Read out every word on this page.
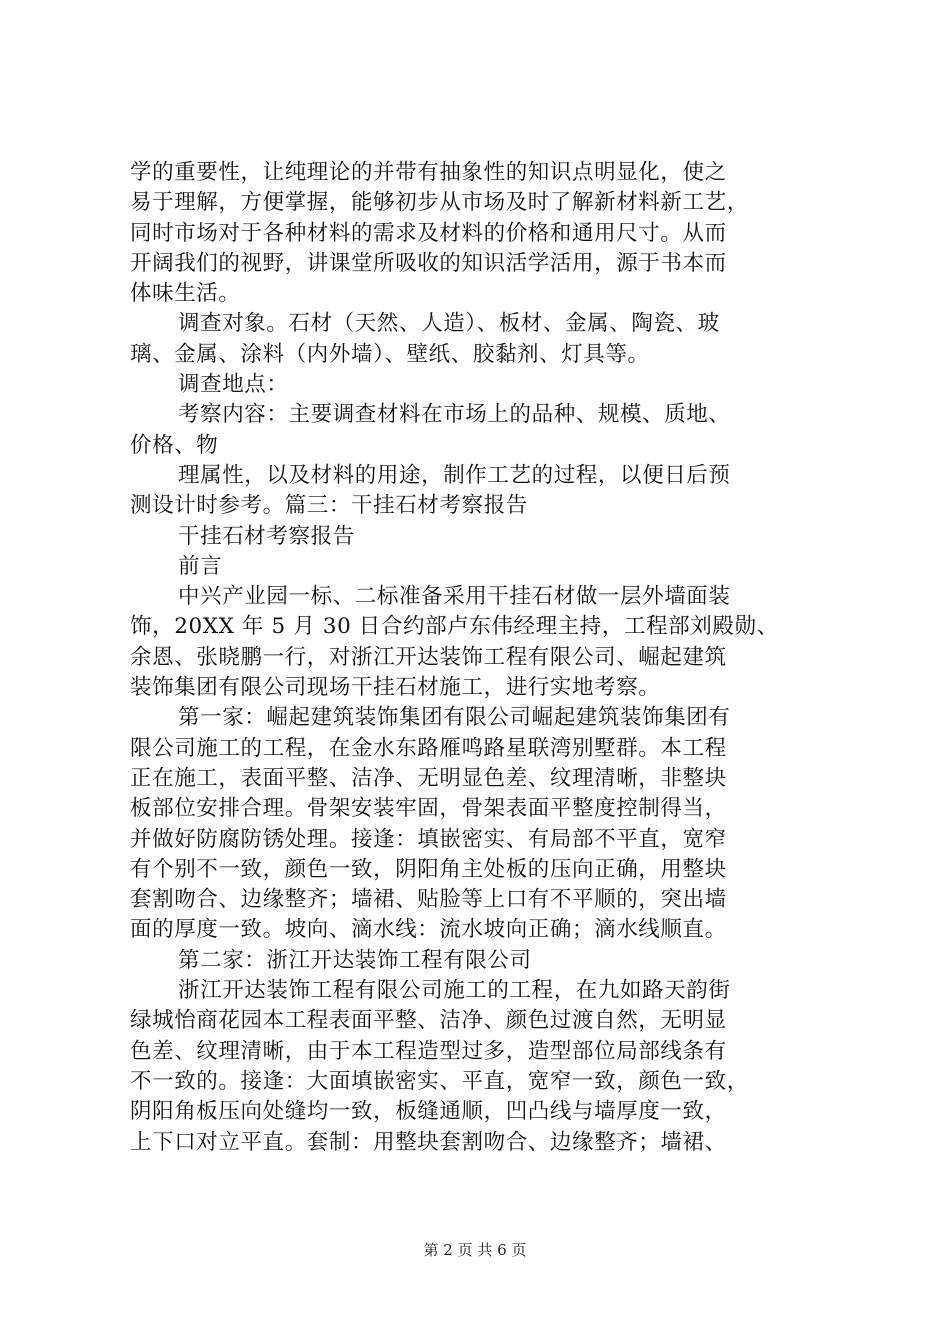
学的重要性，让纯理论的并带有抽象性的知识点明显化，使之
易于理解，方便掌握，能够初步从市场及时了解新材料新工艺，
同时市场对于各种材料的需求及材料的价格和通用尺寸。从而
开阔我们的视野，讲课堂所吸收的知识活学活用，源于书本而
体味生活。
调查对象。石材（天然、人造）、板材、金属、陶瓷、玻
璃、金属、涂料（内外墙）、壁纸、胶黏剂、灯具等。
调查地点：
考察内容：主要调查材料在市场上的品种、规模、质地、
价格、物
理属性，以及材料的用途，制作工艺的过程，以便日后预
测设计时参考。篇三：干挂石材考察报告
干挂石材考察报告
前言
中兴产业园一标、二标准备采用干挂石材做一层外墙面装
饰，20XX 年 5 月 30 日合约部卢东伟经理主持，工程部刘殿勋、
余恩、张晓鹏一行，对浙江开达装饰工程有限公司、崛起建筑
装饰集团有限公司现场干挂石材施工，进行实地考察。
第一家：崛起建筑装饰集团有限公司崛起建筑装饰集团有
限公司施工的工程，在金水东路雁鸣路星联湾别墅群。本工程
正在施工，表面平整、洁净、无明显色差、纹理清晰，非整块
板部位安排合理。骨架安装牢固，骨架表面平整度控制得当，
并做好防腐防锈处理。接逢：填嵌密实、有局部不平直，宽窄
有个别不一致，颜色一致，阴阳角主处板的压向正确，用整块
套割吻合、边缘整齐；墙裙、贴脸等上口有不平顺的，突出墙
面的厚度一致。坡向、滴水线：流水坡向正确；滴水线顺直。
第二家：浙江开达装饰工程有限公司
浙江开达装饰工程有限公司施工的工程，在九如路天韵街
绿城怡商花园本工程表面平整、洁净、颜色过渡自然，无明显
色差、纹理清晰，由于本工程造型过多，造型部位局部线条有
不一致的。接逢：大面填嵌密实、平直，宽窄一致，颜色一致，
阴阳角板压向处缝均一致，板缝通顺，凹凸线与墙厚度一致，
上下口对立平直。套制：用整块套割吻合、边缘整齐；墙裙、
第 2 页 共 6 页
